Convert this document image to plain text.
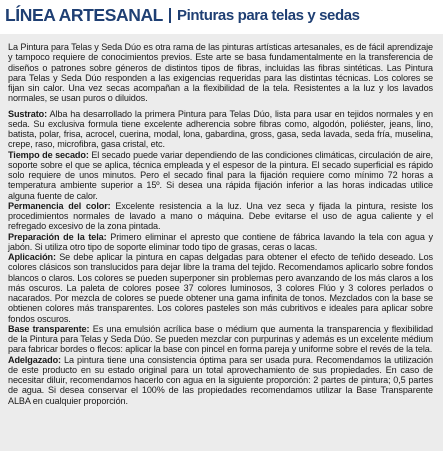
LÍNEA ARTESANAL Pinturas para telas y sedas

La Pintura para Telas y Seda Dúo es otra rama de las pinturas artísticas artesanales, es de fácil aprendizaje y tampoco requiere de conocimientos previos. Este arte se basa fundamentalmente en la transferencia de diseños o patrones sobre géneros de distintos tipos de fibras, incluidas las fibras sintéticas. Las Pintura para Telas y Seda Dúo responden a las exigencias requeridas para las distintas técnicas. Los colores se fijan sin calor. Una vez secas acompañan a la flexibilidad de la tela. Resistentes a la luz y los lavados normales, se usan puros o diluidos.

Sustrato: Alba ha desarrollado la primera Pintura para Telas Dúo, lista para usar en tejidos normales y en seda. Su exclusiva formula tiene excelente adherencia sobre fibras como, algodón, poliéster, jeans, lino, batista, polar, frisa, acrocel, cuerina, modal, lona, gabardina, gross, gasa, seda lavada, seda fría, muselina, crepe, raso, microfibra, gasa cristal, etc.

Tiempo de secado: El secado puede variar dependiendo de las condiciones climáticas, circulación de aire, soporte sobre el que se aplica, técnica empleada y el espesor de la pintura. El secado superficial es rápido solo requiere de unos minutos. Pero el secado final para la fijación requiere como mínimo 72 horas a temperatura ambiente superior a 15º. Si desea una rápida fijación inferior a las horas indicadas utilice alguna fuente de calor.

Permanencia del color: Excelente resistencia a la luz. Una vez seca y fijada la pintura, resiste los procedimientos normales de lavado a mano o máquina. Debe evitarse el uso de agua caliente y el refregado excesivo de la zona pintada.

Preparación de la tela: Primero eliminar el apresto que contiene de fábrica lavando la tela con agua y jabón. Si utiliza otro tipo de soporte eliminar todo tipo de grasas, ceras o lacas.

Aplicación: Se debe aplicar la pintura en capas delgadas para obtener el efecto de teñido deseado. Los colores clásicos son translucidos para dejar libre la trama del tejido. Recomendamos aplicarlo sobre fondos blancos o claros. Los colores se pueden superponer sin problemas pero avanzando de los más claros a los más oscuros. La paleta de colores posee 37 colores luminosos, 3 colores Flúo y 3 colores perlados o nacarados. Por mezcla de colores se puede obtener una gama infinita de tonos. Mezclados con la base se obtienen colores más transparentes. Los colores pasteles son más cubritivos e ideales para aplicar sobre fondos oscuros.

Base transparente: Es una emulsión acrílica base o médium que aumenta la transparencia y flexibilidad de la Pintura para Telas y Seda Dúo. Se pueden mezclar con purpurinas y además es un excelente médium para fabricar bordes o flecos: aplicar la base con pincel en forma pareja y uniforme sobre el revés de la tela.

Adelgazado: La pintura tiene una consistencia óptima para ser usada pura. Recomendamos la utilización de este producto en su estado original para un total aprovechamiento de sus propiedades. En caso de necesitar diluir, recomendamos hacerlo con agua en la siguiente proporción: 2 partes de pintura; 0,5 partes de agua. Si desea conservar el 100% de las propiedades recomendamos utilizar la Base Transparente ALBA en cualquier proporción.
